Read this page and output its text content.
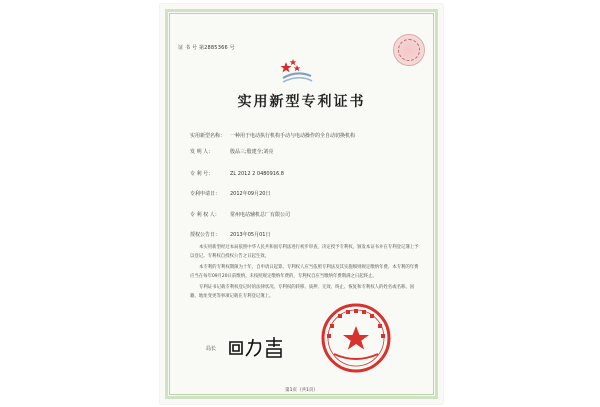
证 书 号 第2885366 号
实用新型专利证书
实用新型名称： 一种用于电动执行机构手动与电动操作的全自动切换机构
发 明 人：	殷品三;殷建全;刘亮
专 利 号：	ZL 2012 2 0480916.8
专利申请日： 2012年09月20日
专 利 权 人： 常州电站辅机总厂有限公司
授权公告日： 2013年05月01日

本实用新型经过本局依照中华人民共和国专利法进行初步审查，决定授予专利权，颁发本证书并在专利登记簿上予以登记。专利权自授权公告之日起生效。

本专利的专利权期限为十年，自申请日起算。专利权人应当依照专利法及其实施细则规定缴纳年费。本专利的年费应当在每年09月20日前缴纳。未按照规定缴纳年费的，专利权自应当缴纳年费期满之日起终止。

专利证书记载专利权登记时的法律状况。专利权的转移、质押、无效、终止、恢复和专利权人的姓名或名称、国籍、地址变更等事项记载在专利登记簿上。

局长
第1页（共1页）
